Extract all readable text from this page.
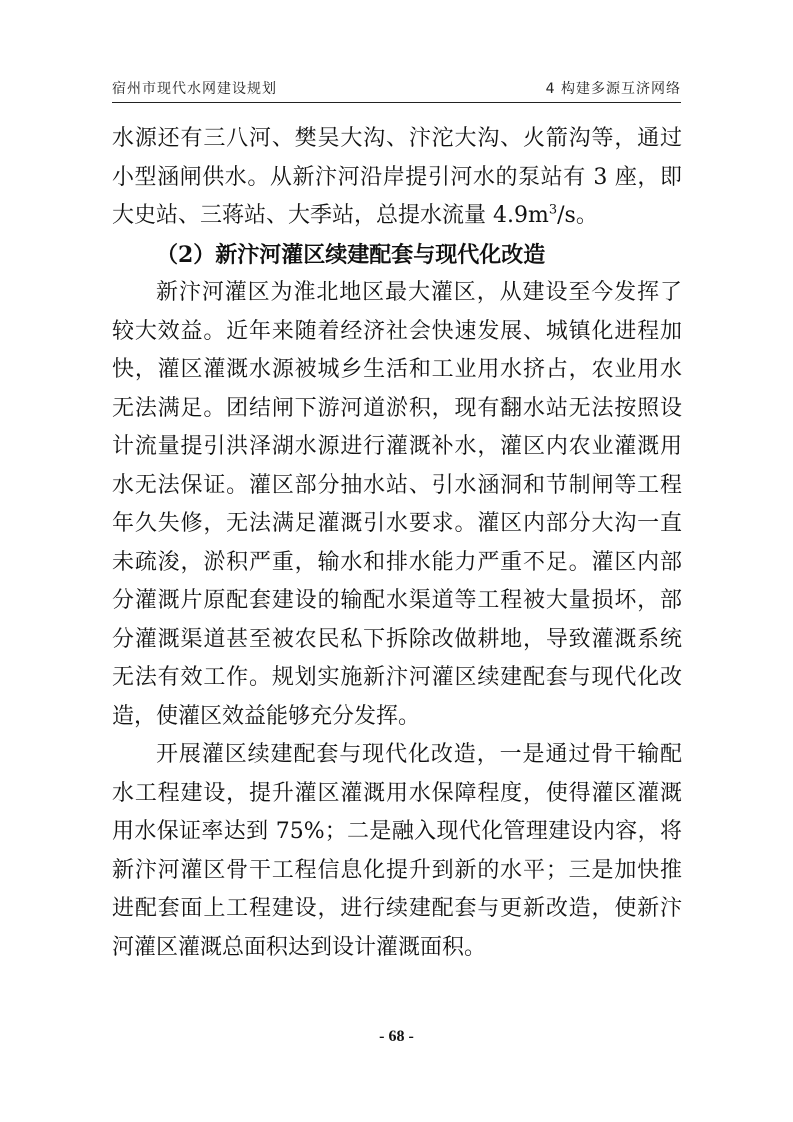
宿州市现代水网建设规划	4 构建多源互济网络

水源还有三八河、樊吴大沟、汴沱大沟、火箭沟等，通过小型涵闸供水。从新汴河沿岸提引河水的泵站有 3 座，即大史站、三蒋站、大季站，总提水流量 $4.9m^3/s$。

（2）新汴河灌区续建配套与现代化改造

新汴河灌区为淮北地区最大灌区，从建设至今发挥了较大效益。近年来随着经济社会快速发展、城镇化进程加快，灌区灌溉水源被城乡生活和工业用水挤占，农业用水无法满足。团结闸下游河道淤积，现有翻水站无法按照设计流量提引洪泽湖水源进行灌溉补水，灌区内农业灌溉用水无法保证。灌区部分抽水站、引水涵洞和节制闸等工程年久失修，无法满足灌溉引水要求。灌区内部分大沟一直未疏浚，淤积严重，输水和排水能力严重不足。灌区内部分灌溉片原配套建设的输配水渠道等工程被大量损坏，部分灌溉渠道甚至被农民私下拆除改做耕地，导致灌溉系统无法有效工作。规划实施新汴河灌区续建配套与现代化改造，使灌区效益能够充分发挥。

开展灌区续建配套与现代化改造，一是通过骨干输配水工程建设，提升灌区灌溉用水保障程度，使得灌区灌溉用水保证率达到 75%；二是融入现代化管理建设内容，将新汴河灌区骨干工程信息化提升到新的水平；三是加快推进配套面上工程建设，进行续建配套与更新改造，使新汴河灌区灌溉总面积达到设计灌溉面积。

- 68 -
